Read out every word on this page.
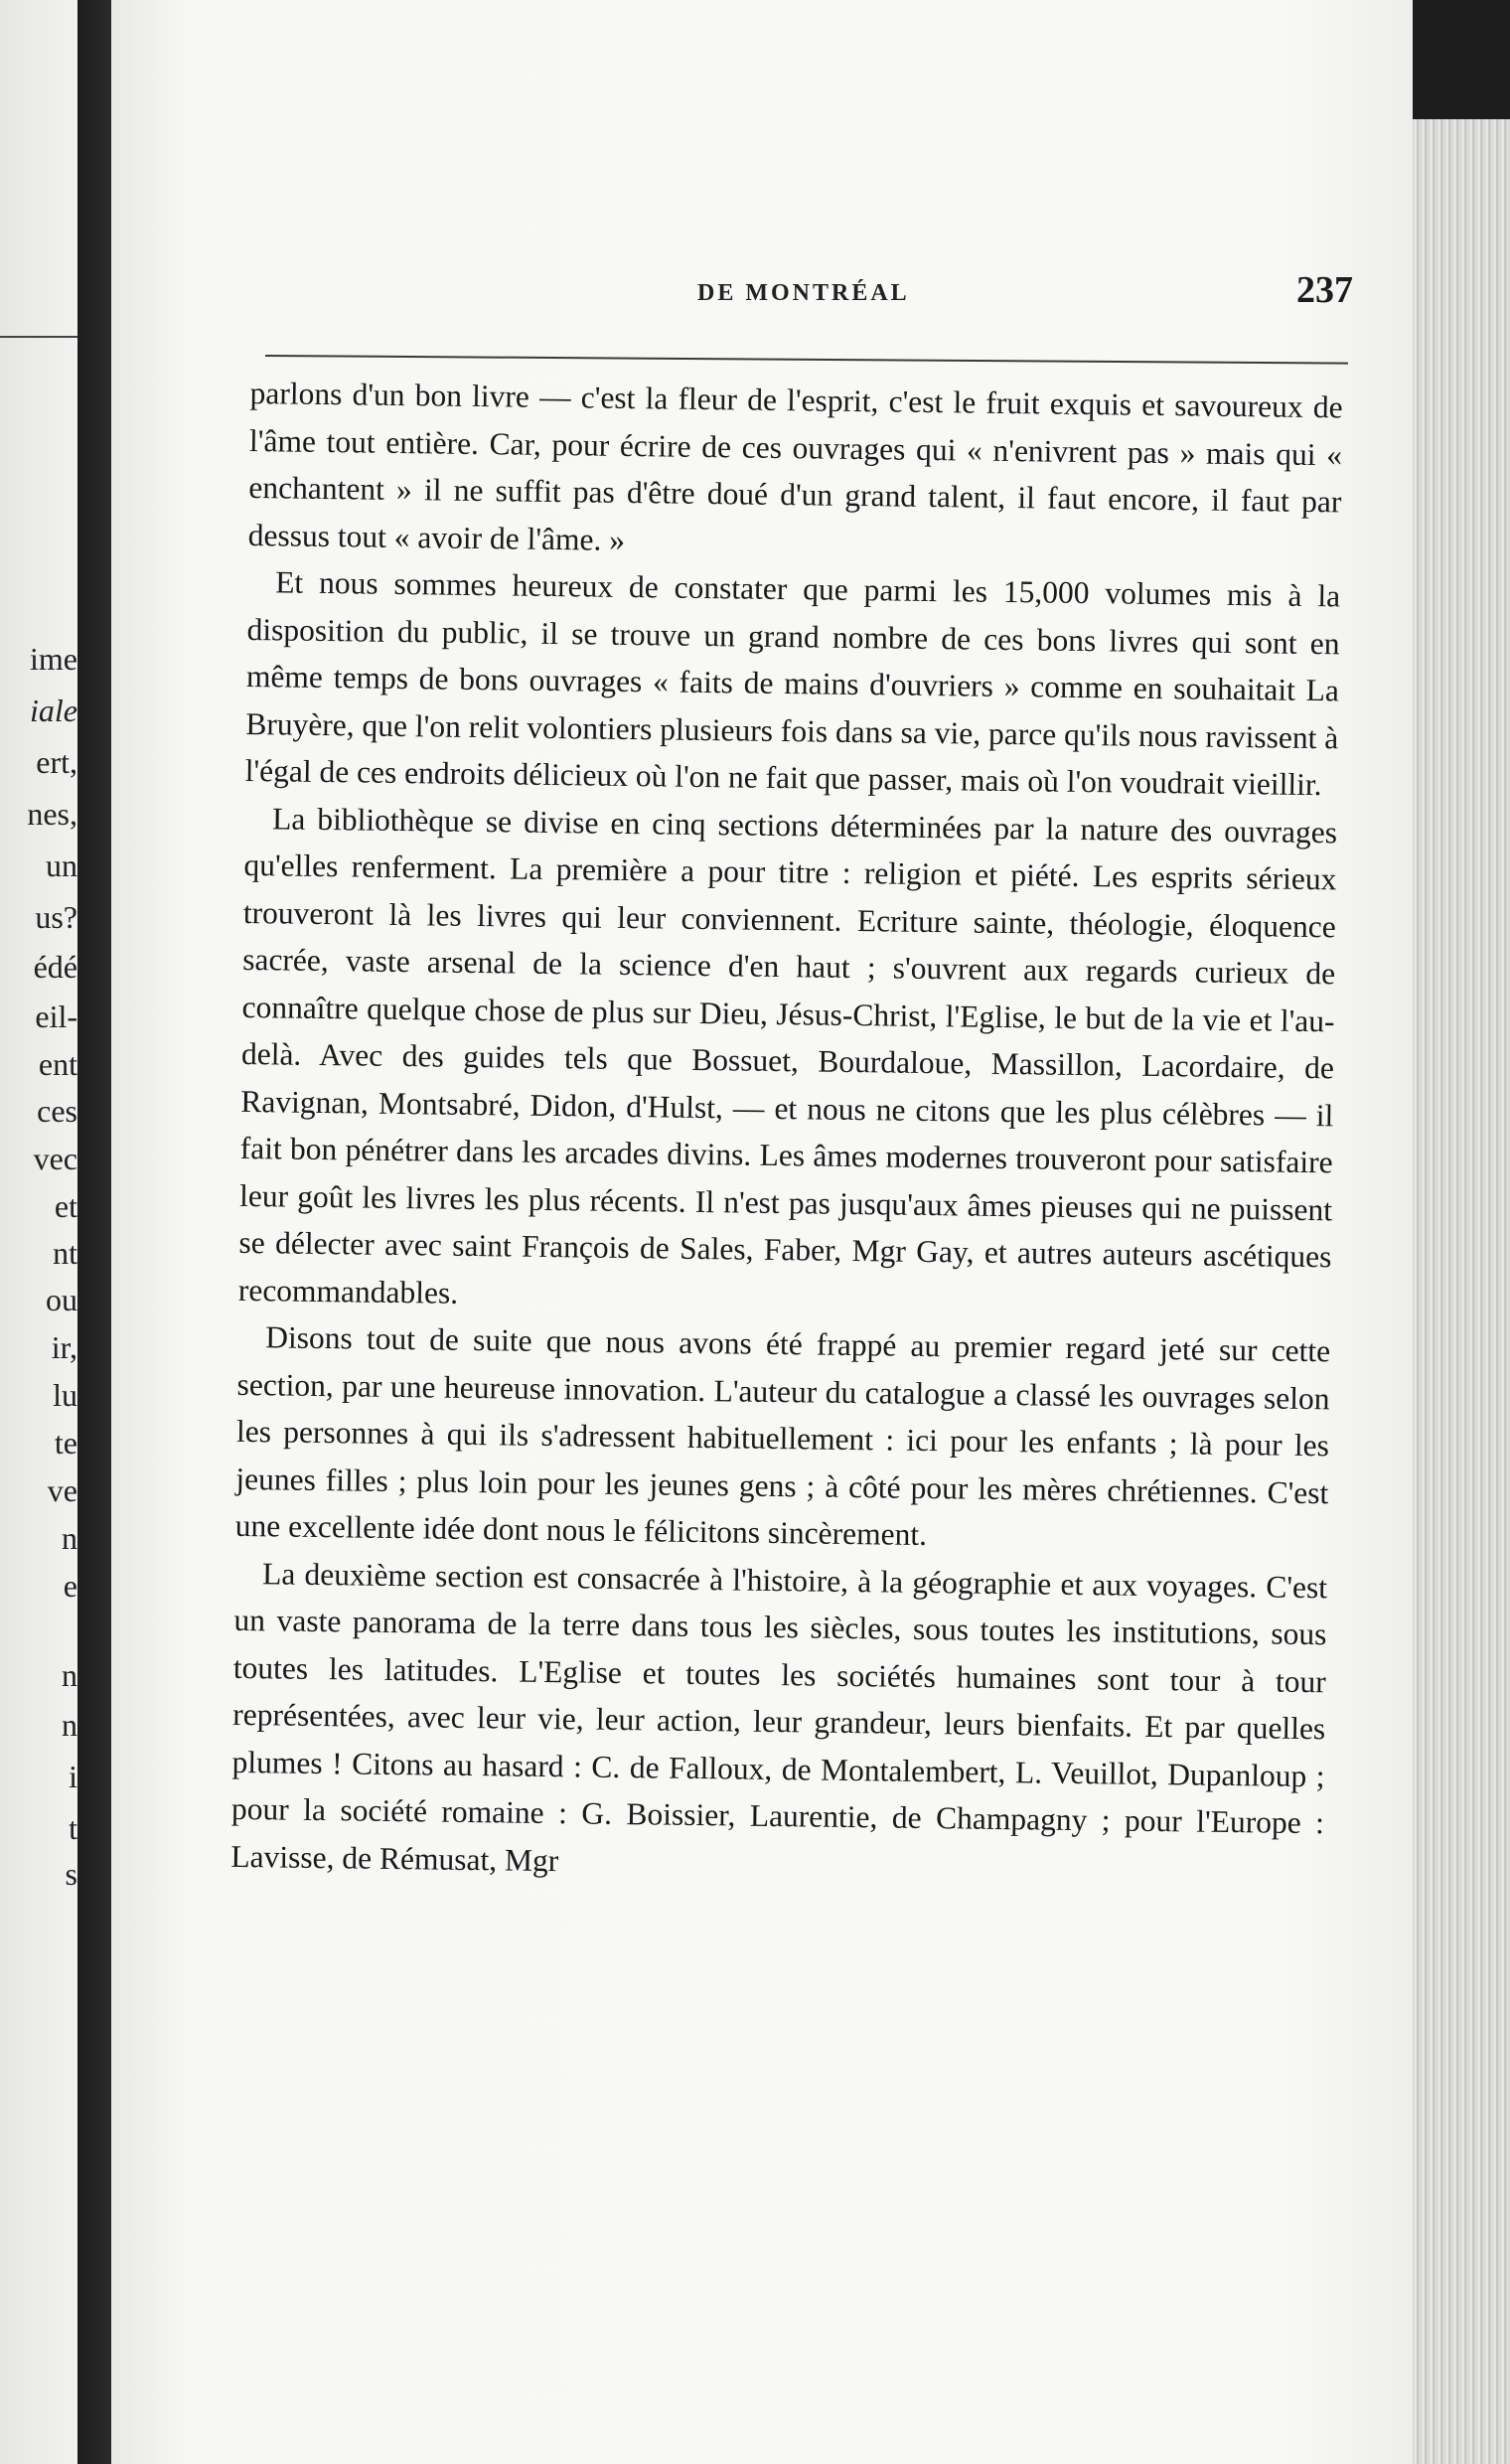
ime
iale
ert,
nes,
un
us?
édé
eil-
ent
ces
vec
et
nt
ou
ir,
lu
te
ve
n
e
n
n
i
t
s
DE MONTRÉAL	237

parlons d'un bon livre — c'est la fleur de l'esprit, c'est le fruit exquis et savoureux de l'âme tout entière. Car, pour écrire de ces ouvrages qui « n'enivrent pas » mais qui « enchantent » il ne suffit pas d'être doué d'un grand talent, il faut encore, il faut par dessus tout « avoir de l'âme. »

Et nous sommes heureux de constater que parmi les 15,000 volumes mis à la disposition du public, il se trouve un grand nombre de ces bons livres qui sont en même temps de bons ouvrages « faits de mains d'ouvriers » comme en souhaitait La Bruyère, que l'on relit volontiers plusieurs fois dans sa vie, parce qu'ils nous ravissent à l'égal de ces endroits délicieux où l'on ne fait que passer, mais où l'on voudrait vieillir.

La bibliothèque se divise en cinq sections déterminées par la nature des ouvrages qu'elles renferment. La première a pour titre : religion et piété. Les esprits sérieux trouveront là les livres qui leur conviennent. Ecriture sainte, théologie, éloquence sacrée, vaste arsenal de la science d'en haut ; s'ouvrent aux regards curieux de connaître quelque chose de plus sur Dieu, Jésus-Christ, l'Eglise, le but de la vie et l'au-delà. Avec des guides tels que Bossuet, Bourdaloue, Massillon, Lacordaire, de Ravignan, Montsabré, Didon, d'Hulst, — et nous ne citons que les plus célèbres — il fait bon pénétrer dans les arcades divins. Les âmes modernes trouveront pour satisfaire leur goût les livres les plus récents. Il n'est pas jusqu'aux âmes pieuses qui ne puissent se délecter avec saint François de Sales, Faber, Mgr Gay, et autres auteurs ascétiques recommandables.

Disons tout de suite que nous avons été frappé au premier regard jeté sur cette section, par une heureuse innovation. L'auteur du catalogue a classé les ouvrages selon les personnes à qui ils s'adressent habituellement : ici pour les enfants ; là pour les jeunes filles ; plus loin pour les jeunes gens ; à côté pour les mères chrétiennes. C'est une excellente idée dont nous le félicitons sincèrement.

La deuxième section est consacrée à l'histoire, à la géographie et aux voyages. C'est un vaste panorama de la terre dans tous les siècles, sous toutes les institutions, sous toutes les latitudes. L'Eglise et toutes les sociétés humaines sont tour à tour représentées, avec leur vie, leur action, leur grandeur, leurs bienfaits. Et par quelles plumes ! Citons au hasard : C. de Falloux, de Montalembert, L. Veuillot, Dupanloup ; pour la société romaine : G. Boissier, Laurentie, de Champagny ; pour l'Europe : Lavisse, de Rémusat, Mgr
